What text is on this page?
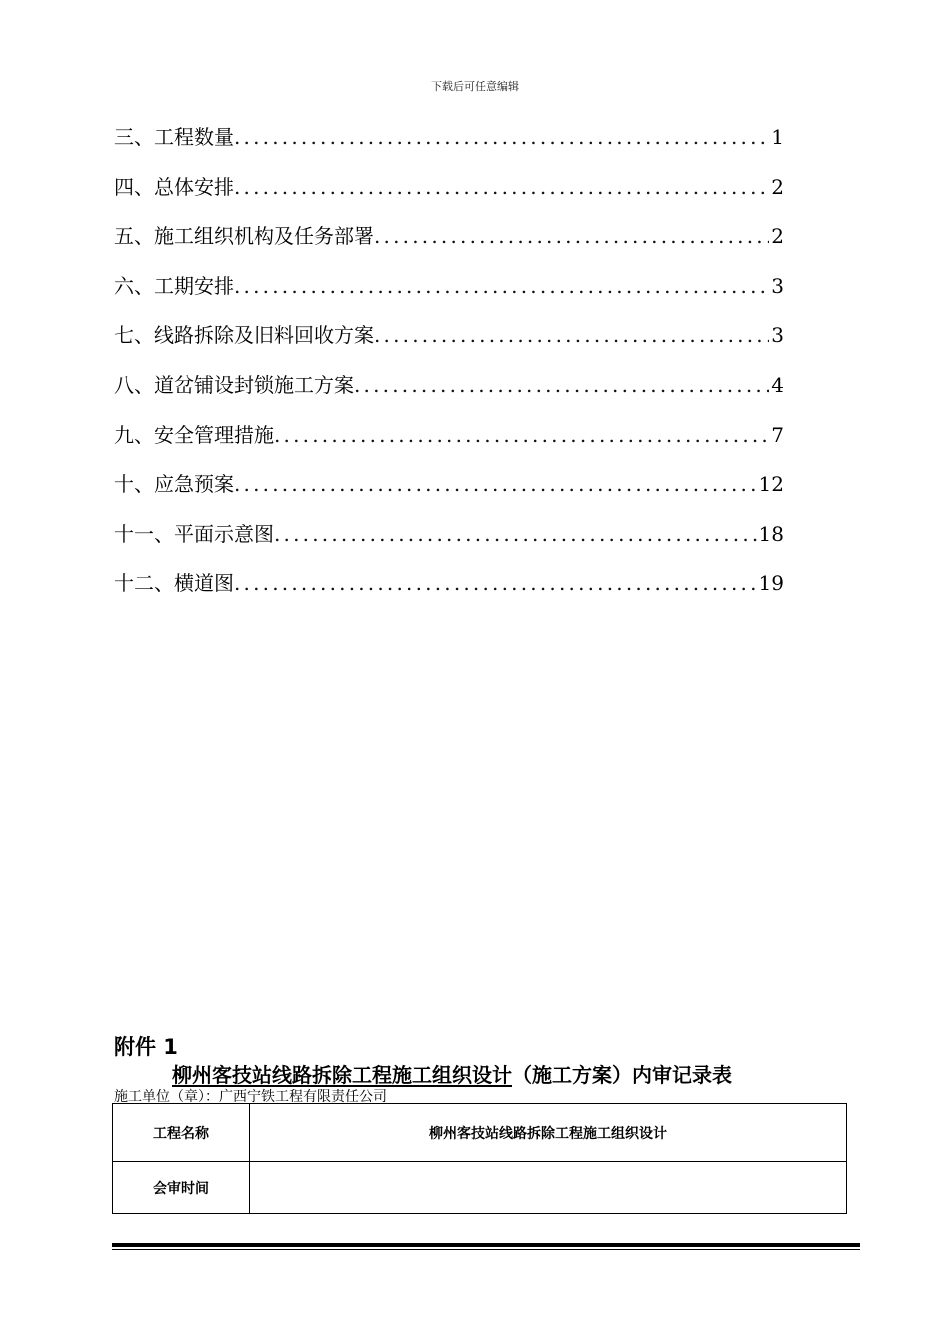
下载后可任意编辑
三、工程数量 .....	1
四、总体安排 .....	2
五、施工组织机构及任务部署 .....	2
六、工期安排 .....	3
七、线路拆除及旧料回收方案 .....	3
八、道岔铺设封锁施工方案 .....	4
九、安全管理措施 .....	7
十、应急预案 .....	12
十一、平面示意图 .....	18
十二、横道图 .....	19
附件 1
柳州客技站线路拆除工程施工组织设计（施工方案）内审记录表
施工单位（章）：广西宁铁工程有限责任公司
工程名称	柳州客技站线路拆除工程施工组织设计
会审时间	
